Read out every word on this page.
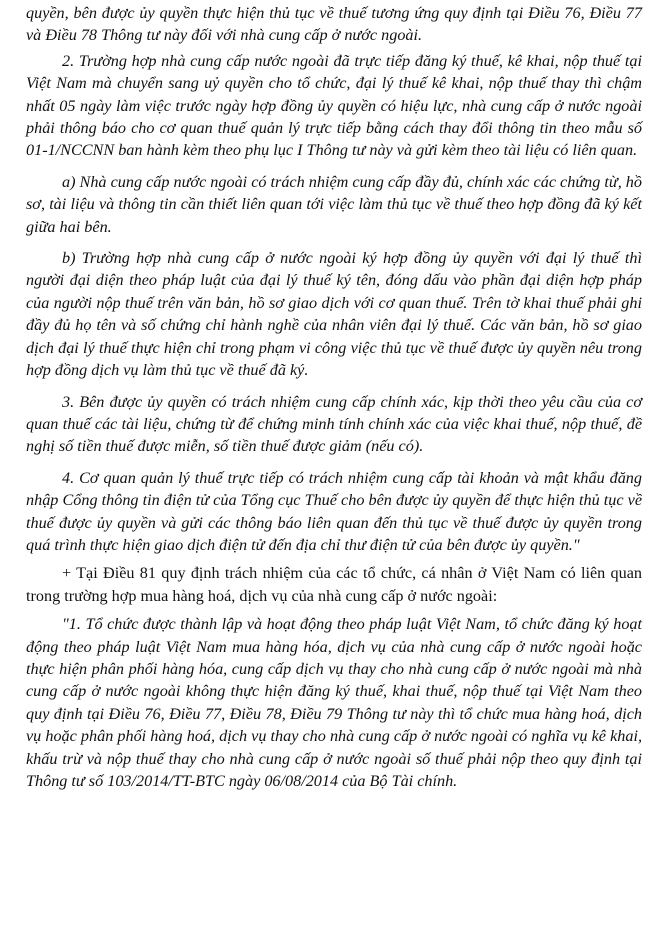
quyền, bên được ủy quyền thực hiện thủ tục về thuế tương ứng quy định tại Điều 76, Điều 77 và Điều 78 Thông tư này đối với nhà cung cấp ở nước ngoài.

2. Trường hợp nhà cung cấp nước ngoài đã trực tiếp đăng ký thuế, kê khai, nộp thuế tại Việt Nam mà chuyển sang uỷ quyền cho tổ chức, đại lý thuế kê khai, nộp thuế thay thì chậm nhất 05 ngày làm việc trước ngày hợp đồng ủy quyền có hiệu lực, nhà cung cấp ở nước ngoài phải thông báo cho cơ quan thuế quản lý trực tiếp bằng cách thay đổi thông tin theo mẫu số 01-1/NCCNN ban hành kèm theo phụ lục I Thông tư này và gửi kèm theo tài liệu có liên quan.

a) Nhà cung cấp nước ngoài có trách nhiệm cung cấp đầy đủ, chính xác các chứng từ, hồ sơ, tài liệu và thông tin cần thiết liên quan tới việc làm thủ tục về thuế theo hợp đồng đã ký kết giữa hai bên.

b) Trường hợp nhà cung cấp ở nước ngoài ký hợp đồng ủy quyền với đại lý thuế thì người đại diện theo pháp luật của đại lý thuế ký tên, đóng dấu vào phần đại diện hợp pháp của người nộp thuế trên văn bản, hồ sơ giao dịch với cơ quan thuế. Trên tờ khai thuế phải ghi đầy đủ họ tên và số chứng chỉ hành nghề của nhân viên đại lý thuế. Các văn bản, hồ sơ giao dịch đại lý thuế thực hiện chỉ trong phạm vi công việc thủ tục về thuế được ủy quyền nêu trong hợp đồng dịch vụ làm thủ tục về thuế đã ký.

3. Bên được ủy quyền có trách nhiệm cung cấp chính xác, kịp thời theo yêu cầu của cơ quan thuế các tài liệu, chứng từ để chứng minh tính chính xác của việc khai thuế, nộp thuế, đề nghị số tiền thuế được miễn, số tiền thuế được giảm (nếu có).

4. Cơ quan quản lý thuế trực tiếp có trách nhiệm cung cấp tài khoản và mật khẩu đăng nhập Cổng thông tin điện tử của Tổng cục Thuế cho bên được ủy quyền để thực hiện thủ tục về thuế được ủy quyền và gửi các thông báo liên quan đến thủ tục về thuế được ủy quyền trong quá trình thực hiện giao dịch điện tử đến địa chỉ thư điện tử của bên được ủy quyền."

+ Tại Điều 81 quy định trách nhiệm của các tổ chức, cá nhân ở Việt Nam có liên quan trong trường hợp mua hàng hoá, dịch vụ của nhà cung cấp ở nước ngoài:

"1. Tổ chức được thành lập và hoạt động theo pháp luật Việt Nam, tổ chức đăng ký hoạt động theo pháp luật Việt Nam mua hàng hóa, dịch vụ của nhà cung cấp ở nước ngoài hoặc thực hiện phân phối hàng hóa, cung cấp dịch vụ thay cho nhà cung cấp ở nước ngoài mà nhà cung cấp ở nước ngoài không thực hiện đăng ký thuế, khai thuế, nộp thuế tại Việt Nam theo quy định tại Điều 76, Điều 77, Điều 78, Điều 79 Thông tư này thì tổ chức mua hàng hoá, dịch vụ hoặc phân phối hàng hoá, dịch vụ thay cho nhà cung cấp ở nước ngoài có nghĩa vụ kê khai, khấu trừ và nộp thuế thay cho nhà cung cấp ở nước ngoài số thuế phải nộp theo quy định tại Thông tư số 103/2014/TT-BTC ngày 06/08/2014 của Bộ Tài chính.
